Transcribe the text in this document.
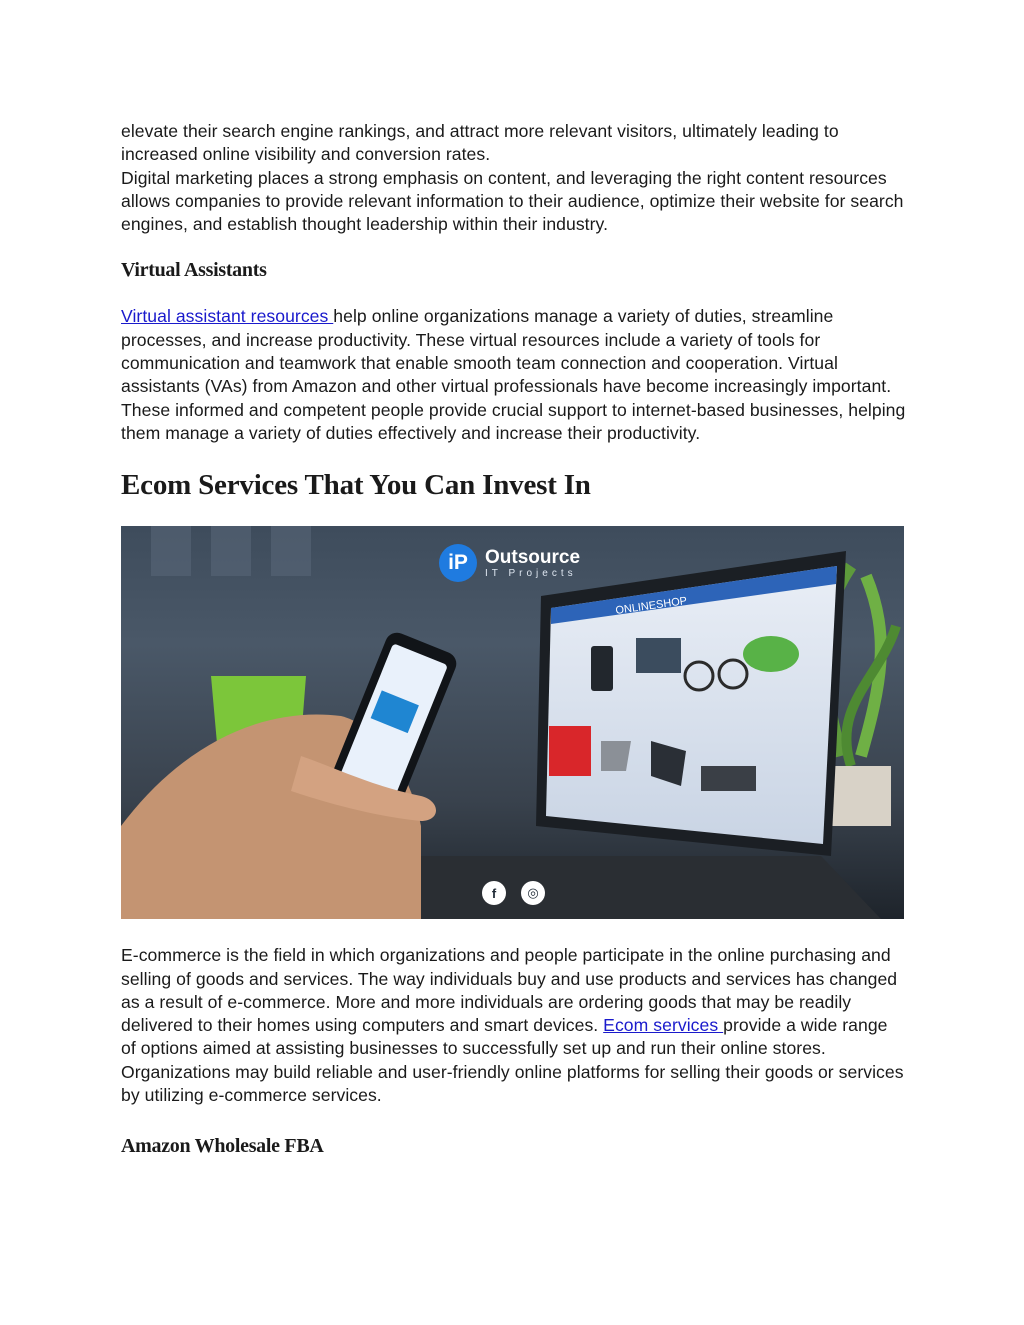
elevate their search engine rankings, and attract more relevant visitors, ultimately leading to increased online visibility and conversion rates.
Digital marketing places a strong emphasis on content, and leveraging the right content resources allows companies to provide relevant information to their audience, optimize their website for search engines, and establish thought leadership within their industry.

Virtual Assistants

Virtual assistant resources help online organizations manage a variety of duties, streamline processes, and increase productivity. These virtual resources include a variety of tools for communication and teamwork that enable smooth team connection and cooperation. Virtual assistants (VAs) from Amazon and other virtual professionals have become increasingly important. These informed and competent people provide crucial support to internet-based businesses, helping them manage a variety of duties effectively and increase their productivity.

Ecom Services That You Can Invest In
ONLINESHOP
iP Outsource
IT Projects
f	◎

E-commerce is the field in which organizations and people participate in the online purchasing and selling of goods and services. The way individuals buy and use products and services has changed as a result of e-commerce. More and more individuals are ordering goods that may be readily delivered to their homes using computers and smart devices. Ecom services provide a wide range of options aimed at assisting businesses to successfully set up and run their online stores. Organizations may build reliable and user-friendly online platforms for selling their goods or services by utilizing e-commerce services.

Amazon Wholesale FBA
